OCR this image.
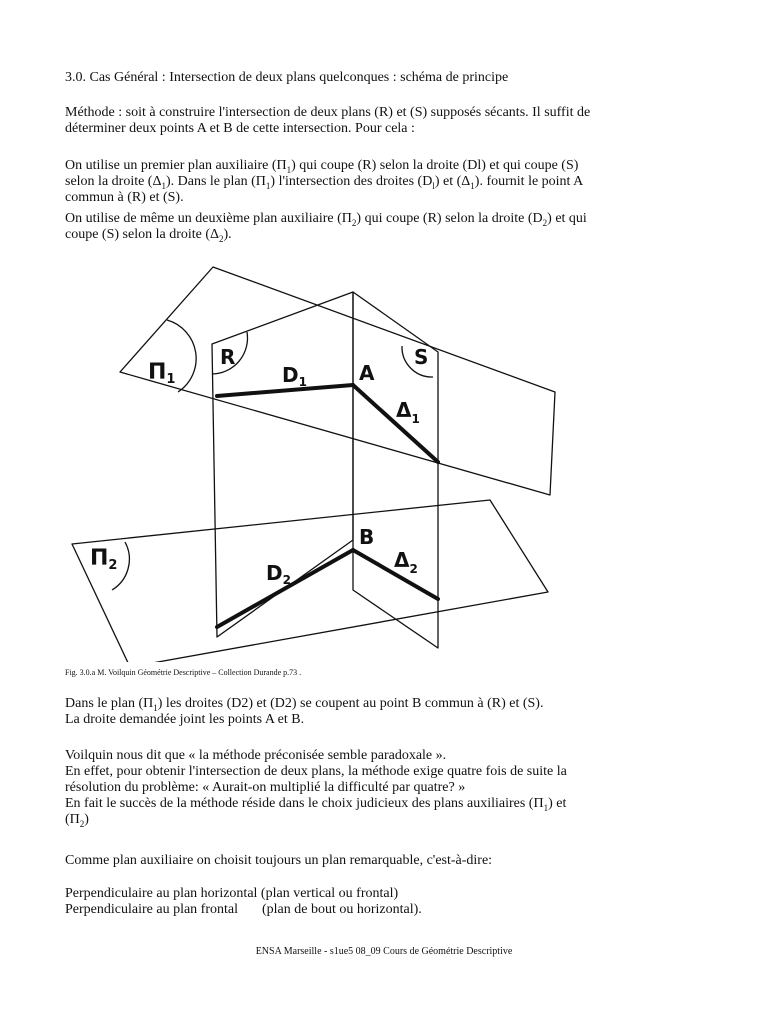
3.0. Cas Général : Intersection de deux plans quelconques : schéma de principe

Méthode : soit à construire l'intersection de deux plans (R) et (S) supposés sécants. Il suffit de
déterminer deux points A et B de cette intersection. Pour cela :
On utilise un premier plan auxiliaire $(\Pi_1)$ qui coupe (R) selon la droite (Dl) et qui coupe (S)
selon la droite $(\Delta_1)$. Dans le plan $(\Pi_1)$ l'intersection des droites $(D_l)$ et $(\Delta_1)$. fournit le point A
commun à (R) et (S).
On utilise de même un deuxième plan auxiliaire $(\Pi_2)$ qui coupe (R) selon la droite $(D_2)$ et qui
coupe (S) selon la droite $(\Delta_2)$.
Π1
R	S
$D_1$	A
$\Delta_1$
Π2
B
$D_2$
$\Delta_2$
Fig. 3.0.a M. Voilquin Géométrie Descriptive – Collection Durande p.73 .
Dans le plan $(\Pi_1)$ les droites (D2) et (D2) se coupent au point B commun à (R) et (S).
La droite demandée joint les points A et B.
Voilquin nous dit que « la méthode préconisée semble paradoxale ».
En effet, pour obtenir l'intersection de deux plans, la méthode exige quatre fois de suite la
résolution du problème: « Aurait-on multiplié la difficulté par quatre? »
En fait le succès de la méthode réside dans le choix judicieux des plans auxiliaires $(\Pi_1)$ et
$(\Pi_2)$
Comme plan auxiliaire on choisit toujours un plan remarquable, c'est-à-dire:
Perpendiculaire au plan horizontal (plan vertical ou frontal)
Perpendiculaire au plan frontal (plan de bout ou horizontal).
ENSA Marseille - s1ue5 08_09 Cours de Géométrie Descriptive
